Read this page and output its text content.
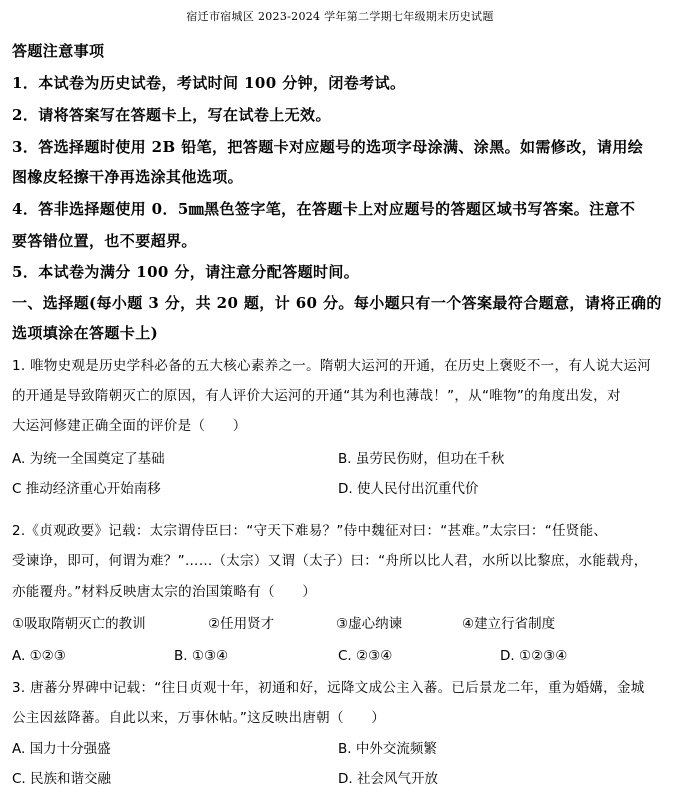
宿迁市宿城区 2023-2024 学年第二学期七年级期末历史试题
答题注意事项
1．本试卷为历史试卷，考试时间 100 分钟，闭卷考试。
2．请将答案写在答题卡上，写在试卷上无效。
3．答选择题时使用 2B 铅笔，把答题卡对应题号的选项字母涂满、涂黑。如需修改，请用绘
图橡皮轻擦干净再选涂其他选项。
4．答非选择题使用 0．5㎜黑色签字笔，在答题卡上对应题号的答题区域书写答案。注意不
要答错位置，也不要超界。
5．本试卷为满分 100 分，请注意分配答题时间。
一、选择题(每小题 3 分，共 20 题，计 60 分。每小题只有一个答案最符合题意，请将正确的
选项填涂在答题卡上)
1. 唯物史观是历史学科必备的五大核心素养之一。隋朝大运河的开通，在历史上褒贬不一，有人说大运河
的开通是导致隋朝灭亡的原因，有人评价大运河的开通“其为利也薄哉！”，从“唯物”的角度出发，对
大运河修建正确全面的评价是（　　）
A. 为统一全国奠定了基础	B. 虽劳民伤财，但功在千秋
C 推动经济重心开始南移	D. 使人民付出沉重代价
2.《贞观政要》记载：太宗谓侍臣曰：“守天下难易？”侍中魏征对曰：“甚难。”太宗曰：“任贤能、
受谏诤，即可，何谓为难？”……（太宗）又谓（太子）曰：“舟所以比人君，水所以比黎庶，水能载舟，
亦能覆舟。”材料反映唐太宗的治国策略有（　　）
①吸取隋朝灭亡的教训	②任用贤才	③虚心纳谏	④建立行省制度
A. ①②③	B. ①③④	C. ②③④	D. ①②③④
3. 唐蕃分界碑中记载：“往日贞观十年，初通和好，远降文成公主入蕃。已后景龙二年，重为婚媾，金城
公主因兹降蕃。自此以来，万事休帖。”这反映出唐朝（　　）
A. 国力十分强盛	B. 中外交流频繁
C. 民族和谐交融	D. 社会风气开放
